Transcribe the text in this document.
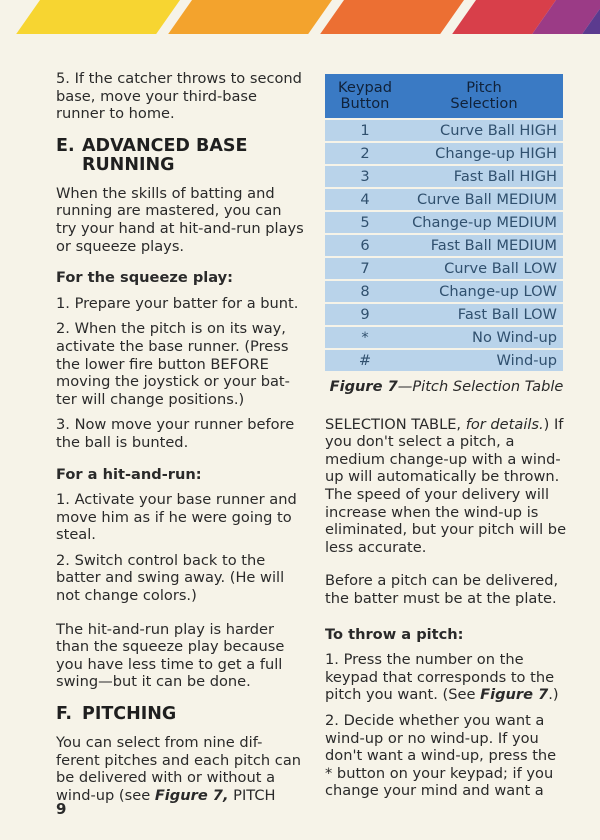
5. If the catcher throws to second base, move your third-base runner to home.

E. ADVANCED BASE RUNNING

When the skills of batting and running are mastered, you can try your hand at hit-and-run plays or squeeze plays.

For the squeeze play:

1. Prepare your batter for a bunt.

2. When the pitch is on its way, activate the base runner. (Press the lower fire button BEFORE moving the joystick or your bat-ter will change positions.)

3. Now move your runner before the ball is bunted.

For a hit-and-run:

1. Activate your base runner and move him as if he were going to steal.

2. Switch control back to the batter and swing away. (He will not change colors.)

The hit-and-run play is harder than the squeeze play because you have less time to get a full swing—but it can be done.

F. PITCHING

You can select from nine dif-ferent pitches and each pitch can be delivered with or without a wind-up (see Figure 7, PITCH

Keypad Button	Pitch Selection
1	Curve Ball HIGH
2	Change-up HIGH
3	Fast Ball HIGH
4	Curve Ball MEDIUM
5	Change-up MEDIUM
6	Fast Ball MEDIUM
7	Curve Ball LOW
8	Change-up LOW
9	Fast Ball LOW
*	No Wind-up
#	Wind-up
Figure 7—Pitch Selection Table

SELECTION TABLE, for details.) If you don't select a pitch, a medium change-up with a wind-up will automatically be thrown. The speed of your delivery will increase when the wind-up is eliminated, but your pitch will be less accurate.

Before a pitch can be delivered, the batter must be at the plate.

To throw a pitch:

1. Press the number on the keypad that corresponds to the pitch you want. (See Figure 7.)

2. Decide whether you want a wind-up or no wind-up. If you don't want a wind-up, press the * button on your keypad; if you change your mind and want a

9
